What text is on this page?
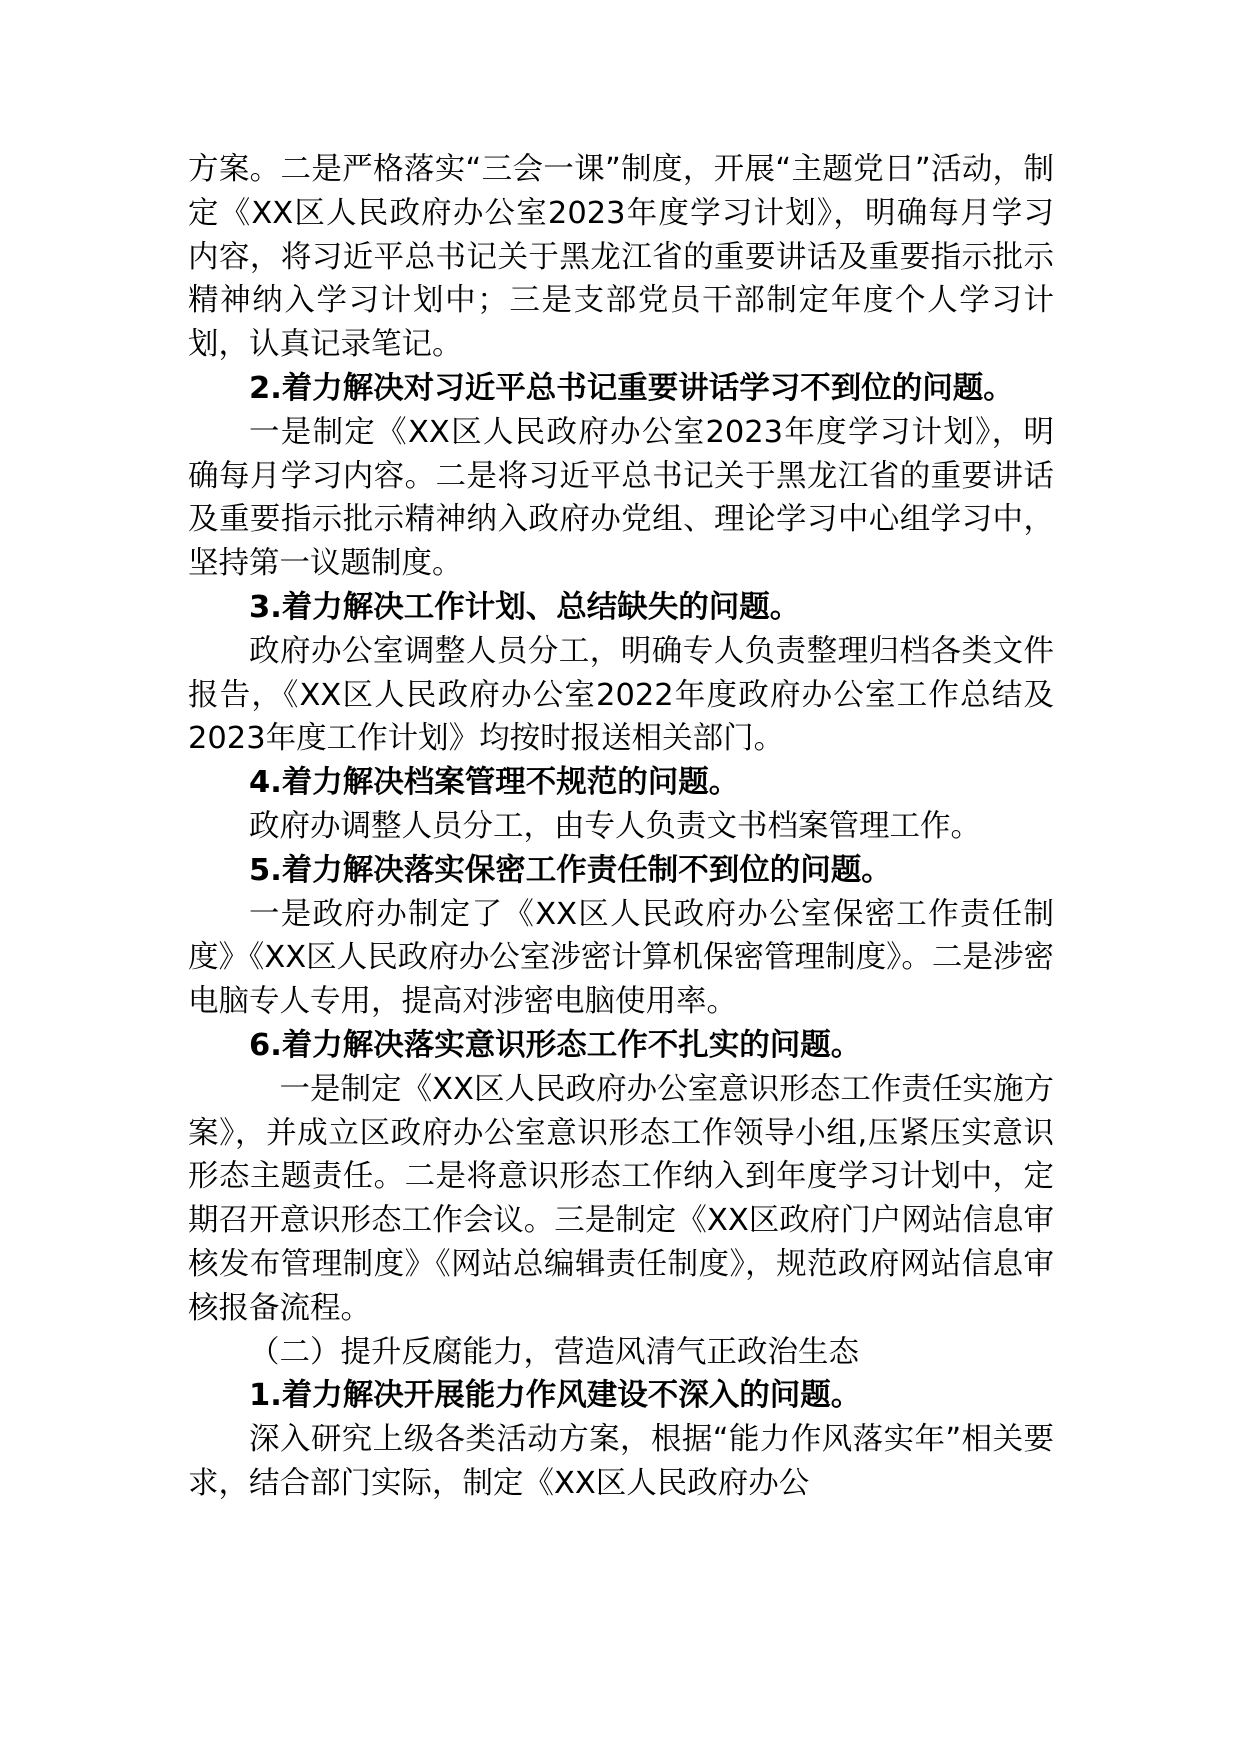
方案。二是严格落实“三会一课”制度，开展“主题党日”活动，制定《XX区人民政府办公室2023年度学习计划》，明确每月学习内容，将习近平总书记关于黑龙江省的重要讲话及重要指示批示精神纳入学习计划中；三是支部党员干部制定年度个人学习计划，认真记录笔记。

2.着力解决对习近平总书记重要讲话学习不到位的问题。

一是制定《XX区人民政府办公室2023年度学习计划》，明确每月学习内容。二是将习近平总书记关于黑龙江省的重要讲话及重要指示批示精神纳入政府办党组、理论学习中心组学习中，坚持第一议题制度。

3.着力解决工作计划、总结缺失的问题。

政府办公室调整人员分工，明确专人负责整理归档各类文件报告，《XX区人民政府办公室2022年度政府办公室工作总结及2023年度工作计划》均按时报送相关部门。

4.着力解决档案管理不规范的问题。

政府办调整人员分工，由专人负责文书档案管理工作。

5.着力解决落实保密工作责任制不到位的问题。

一是政府办制定了《XX区人民政府办公室保密工作责任制度》《XX区人民政府办公室涉密计算机保密管理制度》。二是涉密电脑专人专用，提高对涉密电脑使用率。

6.着力解决落实意识形态工作不扎实的问题。

一是制定《XX区人民政府办公室意识形态工作责任实施方案》，并成立区政府办公室意识形态工作领导小组,压紧压实意识形态主题责任。二是将意识形态工作纳入到年度学习计划中，定期召开意识形态工作会议。三是制定《XX区政府门户网站信息审核发布管理制度》《网站总编辑责任制度》，规范政府网站信息审核报备流程。

（二）提升反腐能力，营造风清气正政治生态

1.着力解决开展能力作风建设不深入的问题。

深入研究上级各类活动方案，根据“能力作风落实年”相关要求，结合部门实际，制定《XX区人民政府办公
